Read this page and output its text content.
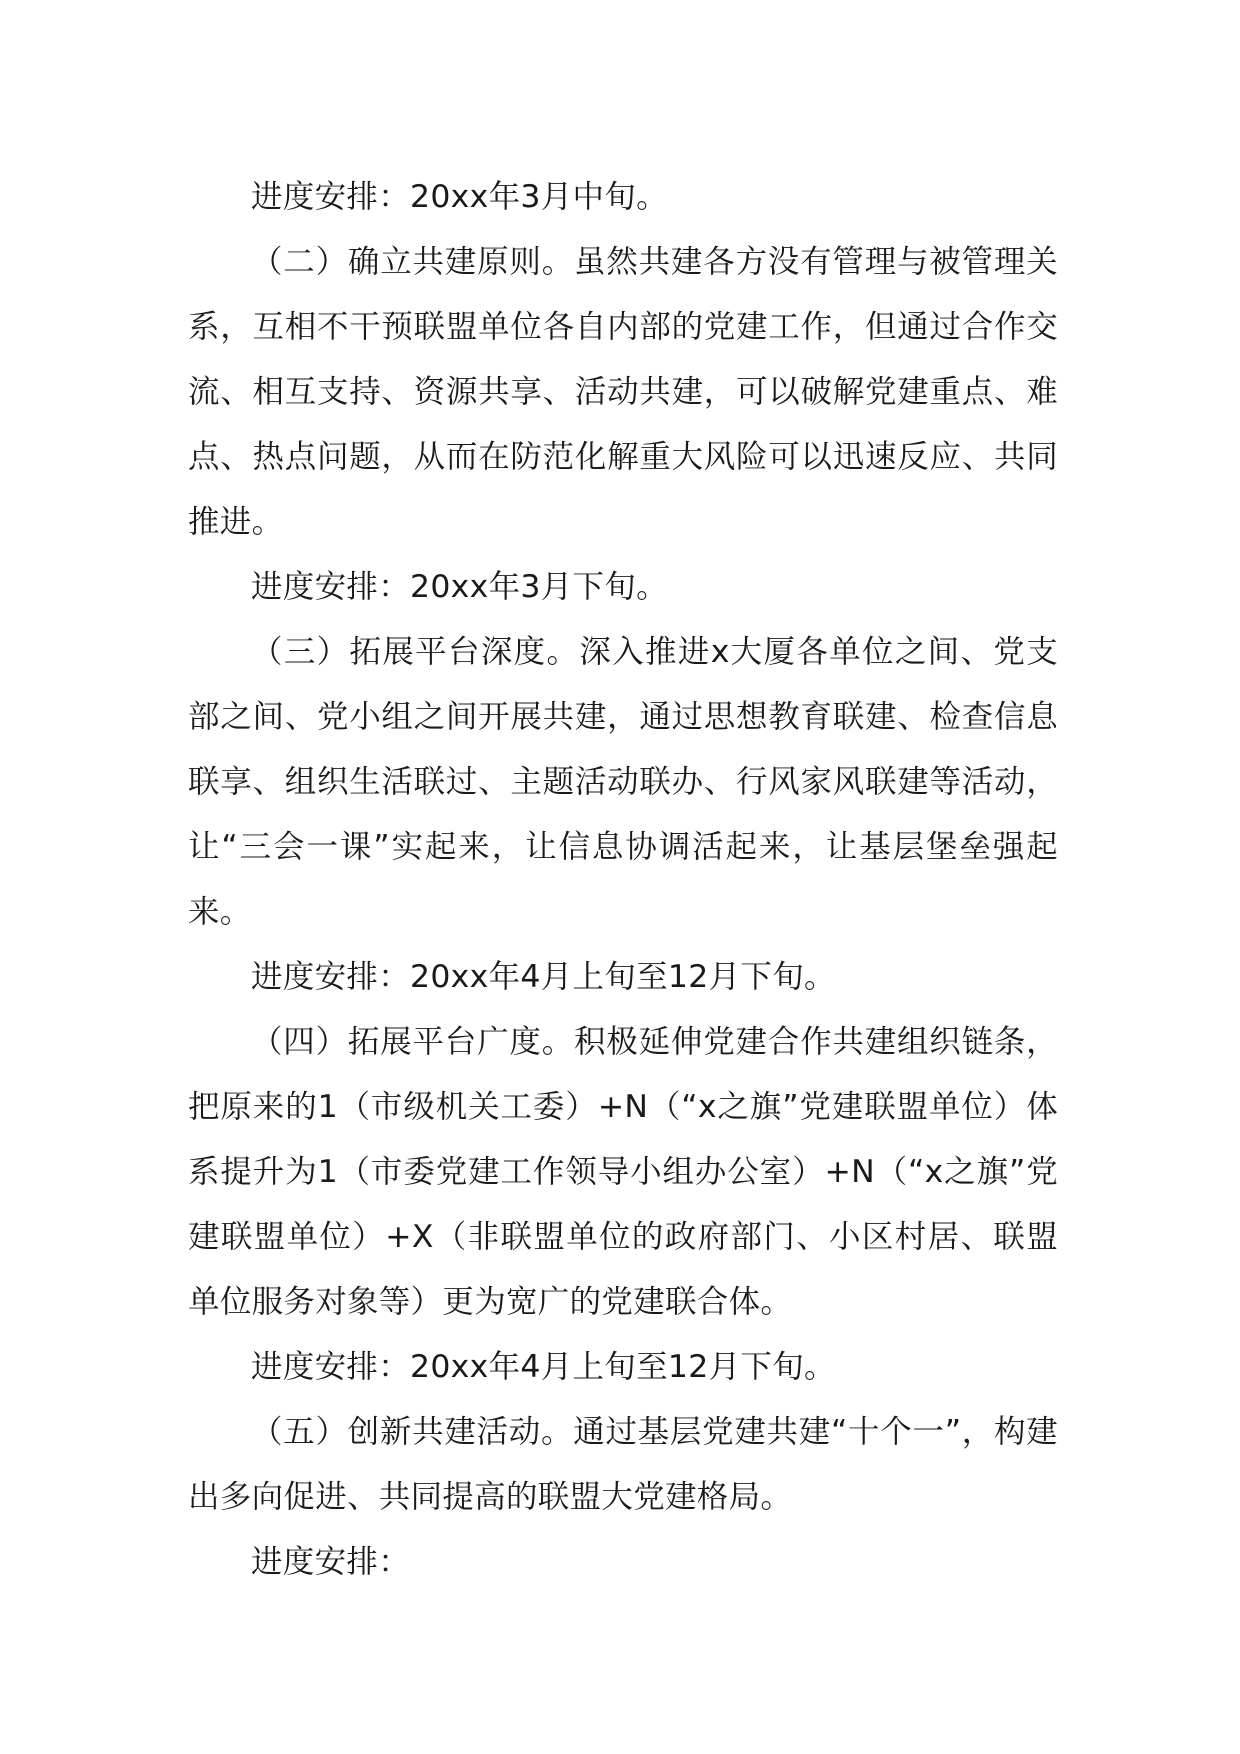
进度安排：20xx年3月中旬。

（二）确立共建原则。虽然共建各方没有管理与被管理关系，互相不干预联盟单位各自内部的党建工作，但通过合作交流、相互支持、资源共享、活动共建，可以破解党建重点、难点、热点问题，从而在防范化解重大风险可以迅速反应、共同推进。

进度安排：20xx年3月下旬。

（三）拓展平台深度。深入推进x大厦各单位之间、党支部之间、党小组之间开展共建，通过思想教育联建、检查信息联享、组织生活联过、主题活动联办、行风家风联建等活动，让“三会一课”实起来，让信息协调活起来，让基层堡垒强起来。

进度安排：20xx年4月上旬至12月下旬。

（四）拓展平台广度。积极延伸党建合作共建组织链条，把原来的1（市级机关工委）+N（“x之旗”党建联盟单位）体系提升为1（市委党建工作领导小组办公室）+N（“x之旗”党建联盟单位）+X（非联盟单位的政府部门、小区村居、联盟单位服务对象等）更为宽广的党建联合体。

进度安排：20xx年4月上旬至12月下旬。

（五）创新共建活动。通过基层党建共建“十个一”，构建出多向促进、共同提高的联盟大党建格局。

进度安排：
